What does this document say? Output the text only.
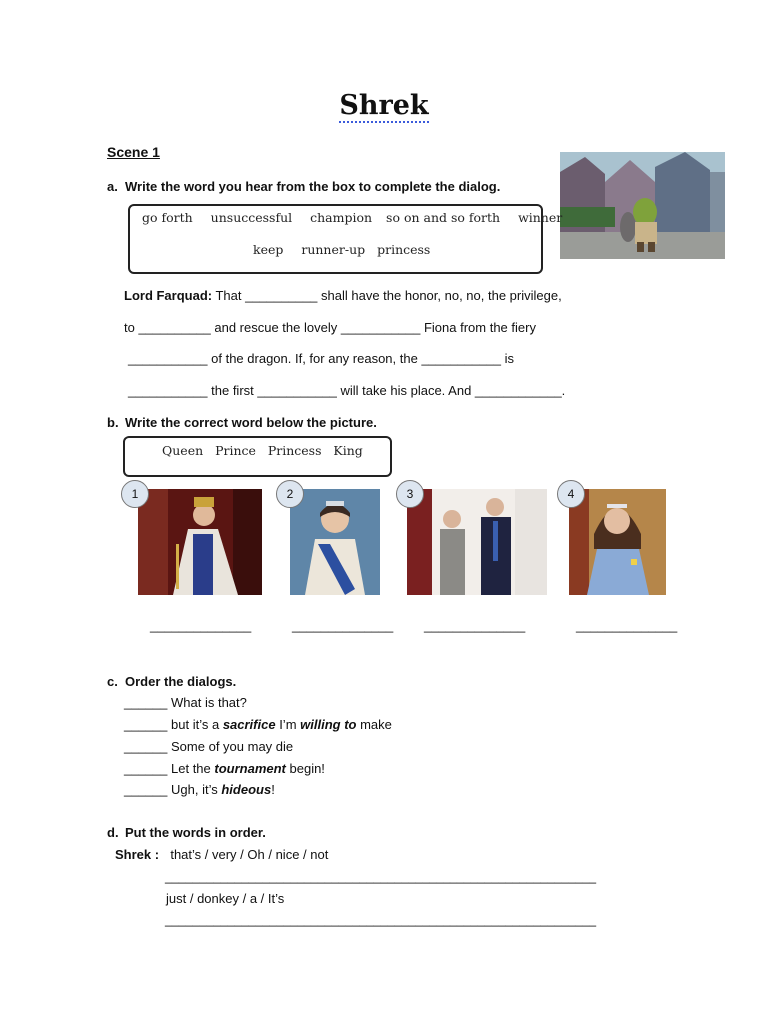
Shrek
Scene 1
a. Write the word you hear from the box to complete the dialog.
go forth unsuccessful champion so on and so forth winner
keep runner-up princess
Lord Farquad: That __________ shall have the honor, no, no, the privilege,
to __________ and rescue the lovely ___________ Fiona from the fiery
___________ of the dragon. If, for any reason, the ___________ is
___________ the first ___________ will take his place. And ____________.
b. Write the correct word below the picture.
Queen   Prince   Princess   King
1	2	3	4
______________	______________ ______________	______________
c. Order the dialogs.
______ What is that?
______ but it’s a sacrifice I’m willing to make
______ Some of you may die
______ Let the tournament begin!
______ Ugh, it’s hideous!
d. Put the words in order.
Shrek : that’s / very / Oh / nice / not
______________________________________________________________
just / donkey / a / It’s
______________________________________________________________
